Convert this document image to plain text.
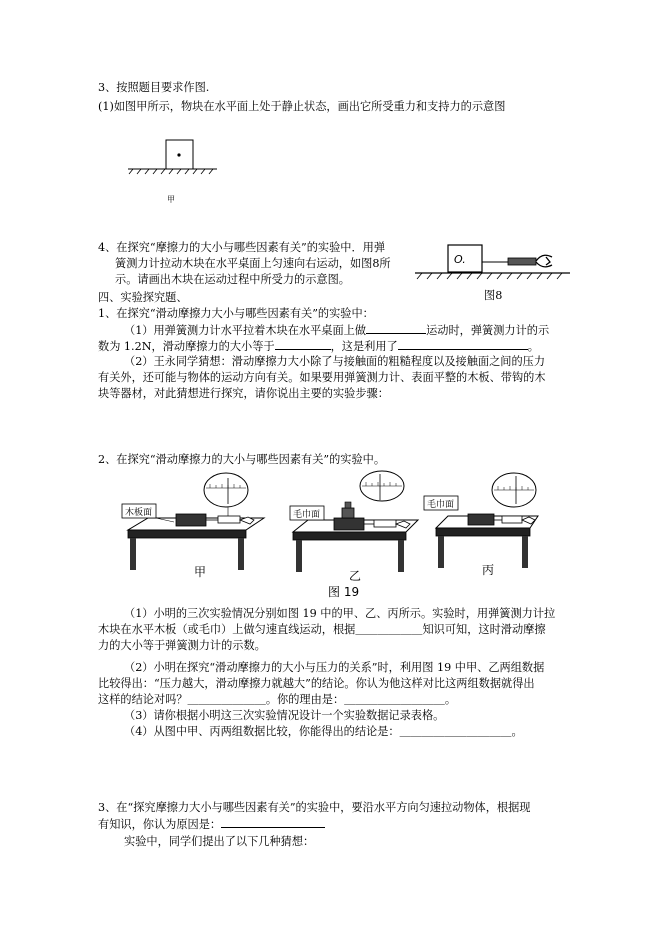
3、按照题目要求作图.
(1)如图甲所示，物块在水平面上处于静止状态，画出它所受重力和支持力的示意图
甲
4、在探究“摩擦力的大小与哪些因素有关”的实验中．用弹
簧测力计拉动木块在水平桌面上匀速向右运动，如图8所
示。请画出木块在运动过程中所受力的示意图。
O.
图8
四、实验探究题、
1、在探究“滑动摩擦力大小与哪些因素有关”的实验中：
（1）用弹簧测力计水平拉着木块在水平桌面上做	运动时，弹簧测力计的示
数为 1.2N，滑动摩擦力的大小等于	，这是利用了	。
（2）王永同学猜想：滑动摩擦力大小除了与接触面的粗糙程度以及接触面之间的压力
有关外，还可能与物体的运动方向有关。如果要用弹簧测力计、表面平整的木板、带钩的木
块等器材，对此猜想进行探究，请你说出主要的实验步骤：
2、在探究“滑动摩擦力的大小与哪些因素有关”的实验中。
木板面	毛巾面
毛巾面
甲	乙	丙
图 19
（1）小明的三次实验情况分别如图 19 中的甲、乙、丙所示。实验时，用弹簧测力计拉
木块在水平木板（或毛巾）上做匀速直线运动，根据＿＿＿＿＿＿知识可知，这时滑动摩擦
力的大小等于弹簧测力计的示数。
（2）小明在探究“滑动摩擦力的大小与压力的关系”时，利用图 19 中甲、乙两组数据
比较得出：“压力越大，滑动摩擦力就越大”的结论。你认为他这样对比这两组数据就得出
这样的结论对吗？＿＿＿＿＿＿＿。你的理由是：＿＿＿＿＿＿＿＿＿。
（3）请你根据小明这三次实验情况设计一个实验数据记录表格。
（4）从图中甲、丙两组数据比较，你能得出的结论是：＿＿＿＿＿＿＿＿＿＿。
3、在“探究摩擦力大小与哪些因素有关”的实验中，要沿水平方向匀速拉动物体，根据现
有知识，你认为原因是：
实验中，同学们提出了以下几种猜想：
